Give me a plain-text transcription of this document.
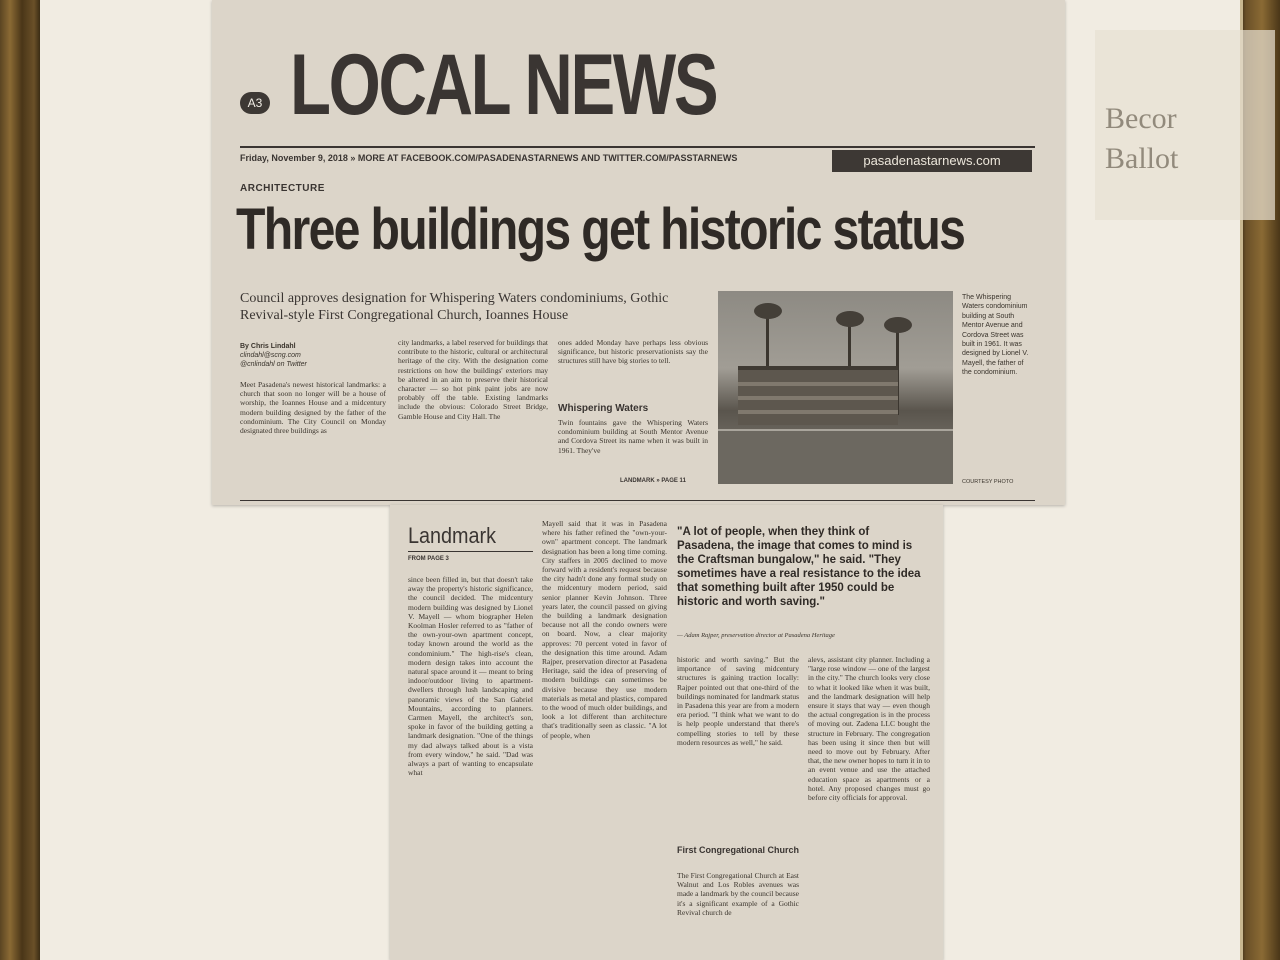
Becor
Ballot
A3 LOCAL NEWS
Friday, November 9, 2018 » MORE AT FACEBOOK.COM/PASADENASTARNEWS AND TWITTER.COM/PASSTARNEWS	pasadenastarnews.com
ARCHITECTURE
Three buildings get historic status
Council approves designation for Whispering Waters condominiums, Gothic Revival-style First Congregational Church, Ioannes House
By Chris Lindahl
clindahl@scng.com
@cnlindahl on Twitter
Meet Pasadena's newest historical landmarks: a church that soon no longer will be a house of worship, the Ioannes House and a midcentury modern building designed by the father of the condominium. The City Council on Monday designated three buildings as
city landmarks, a label reserved for buildings that contribute to the historic, cultural or architectural heritage of the city. With the designation come restrictions on how the buildings' exteriors may be altered in an aim to preserve their historical character — so hot pink paint jobs are now probably off the table. Existing landmarks include the obvious: Colorado Street Bridge, Gamble House and City Hall. The
ones added Monday have perhaps less obvious significance, but historic preservationists say the structures still have big stories to tell.
Whispering Waters
Twin fountains gave the Whispering Waters condominium building at South Mentor Avenue and Cordova Street its name when it was built in 1961. They've
LANDMARK » PAGE 11
The Whispering Waters condominium building at South Mentor Avenue and Cordova Street was built in 1961. It was designed by Lionel V. Mayell, the father of the condominium.
COURTESY PHOTO
Landmark
FROM PAGE 3
since been filled in, but that doesn't take away the property's historic significance, the council decided. The midcentury modern building was designed by Lionel V. Mayell — whom biographer Helen Koolman Hosler referred to as "father of the own-your-own apartment concept, today known around the world as the condominium." The high-rise's clean, modern design takes into account the natural space around it — meant to bring indoor/outdoor living to apartment-dwellers through lush landscaping and panoramic views of the San Gabriel Mountains, according to planners. Carmen Mayell, the architect's son, spoke in favor of the building getting a landmark designation. "One of the things my dad always talked about is a vista from every window," he said. "Dad was always a part of wanting to encapsulate what
Mayell said that it was in Pasadena where his father refined the "own-your-own" apartment concept. The landmark designation has been a long time coming. City staffers in 2005 declined to move forward with a resident's request because the city hadn't done any formal study on the midcentury modern period, said senior planner Kevin Johnson. Three years later, the council passed on giving the building a landmark designation because not all the condo owners were on board. Now, a clear majority approves: 70 percent voted in favor of the designation this time around. Adam Rajper, preservation director at Pasadena Heritage, said the idea of preserving of modern buildings can sometimes be divisive because they use modern materials as metal and plastics, compared to the wood of much older buildings, and look a lot different than architecture that's traditionally seen as classic. "A lot of people, when
"A lot of people, when they think of Pasadena, the image that comes to mind is the Craftsman bungalow," he said. "They sometimes have a real resistance to the idea that something built after 1950 could be historic and worth saving."
— Adam Rajper, preservation director at Pasadena Heritage
historic and worth saving." But the importance of saving midcentury structures is gaining traction locally: Rajper pointed out that one-third of the buildings nominated for landmark status in Pasadena this year are from a modern era period. "I think what we want to do is help people understand that there's compelling stories to tell by these modern resources as well," he said.
First Congregational Church
The First Congregational Church at East Walnut and Los Robles avenues was made a landmark by the council because it's a significant example of a Gothic Revival church de
alevs, assistant city planner. Including a "large rose window — one of the largest in the city." The church looks very close to what it looked like when it was built, and the landmark designation will help ensure it stays that way — even though the actual congregation is in the process of moving out. Zadena LLC bought the structure in February. The congregation has been using it since then but will need to move out by February. After that, the new owner hopes to turn it in to an event venue and use the attached education space as apartments or a hotel. Any proposed changes must go before city officials for approval.
